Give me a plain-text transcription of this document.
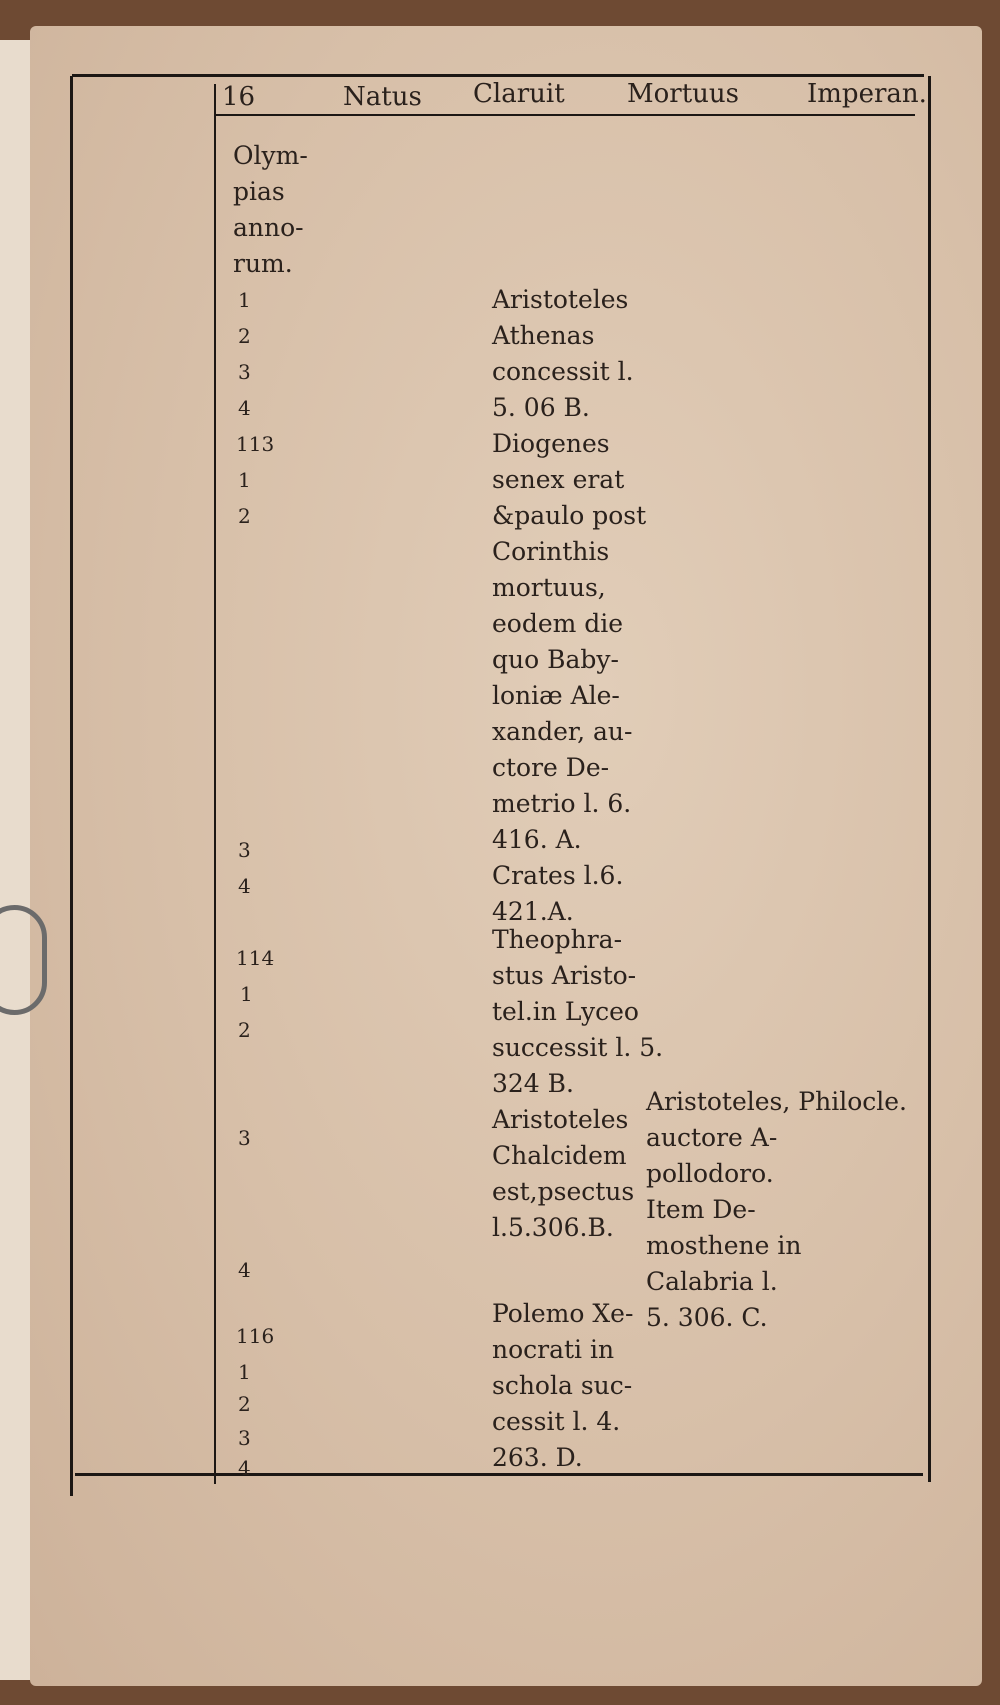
16	Natus Claruit Mortuus	Imperan.
Olym-
pias
anno-
rum.
1
2
3
4
113
1
2
3
4
114
1
2
3
4
116
1
2
3
4
Aristoteles
Athenas
concessit l.
5. 06 B.
Diogenes
senex erat
&paulo post
Corinthis
mortuus,
eodem die
quo Baby-
loniæ Ale-
xander, au-
ctore De-
metrio l. 6.
416. A.
Crates l.6.
421.A.
Theophra-
stus Aristo-
tel.in Lyceo
successit l. 5.
324 B.
Aristoteles
Chalcidem
est,psectus
l.5.306.B.
Polemo Xe-
nocrati in
schola suc-
cessit l. 4.
263. D.
Aristoteles, Philocle.
auctore A-
pollodoro.
Item De-
mosthene in
Calabria l.
5. 306. C.
